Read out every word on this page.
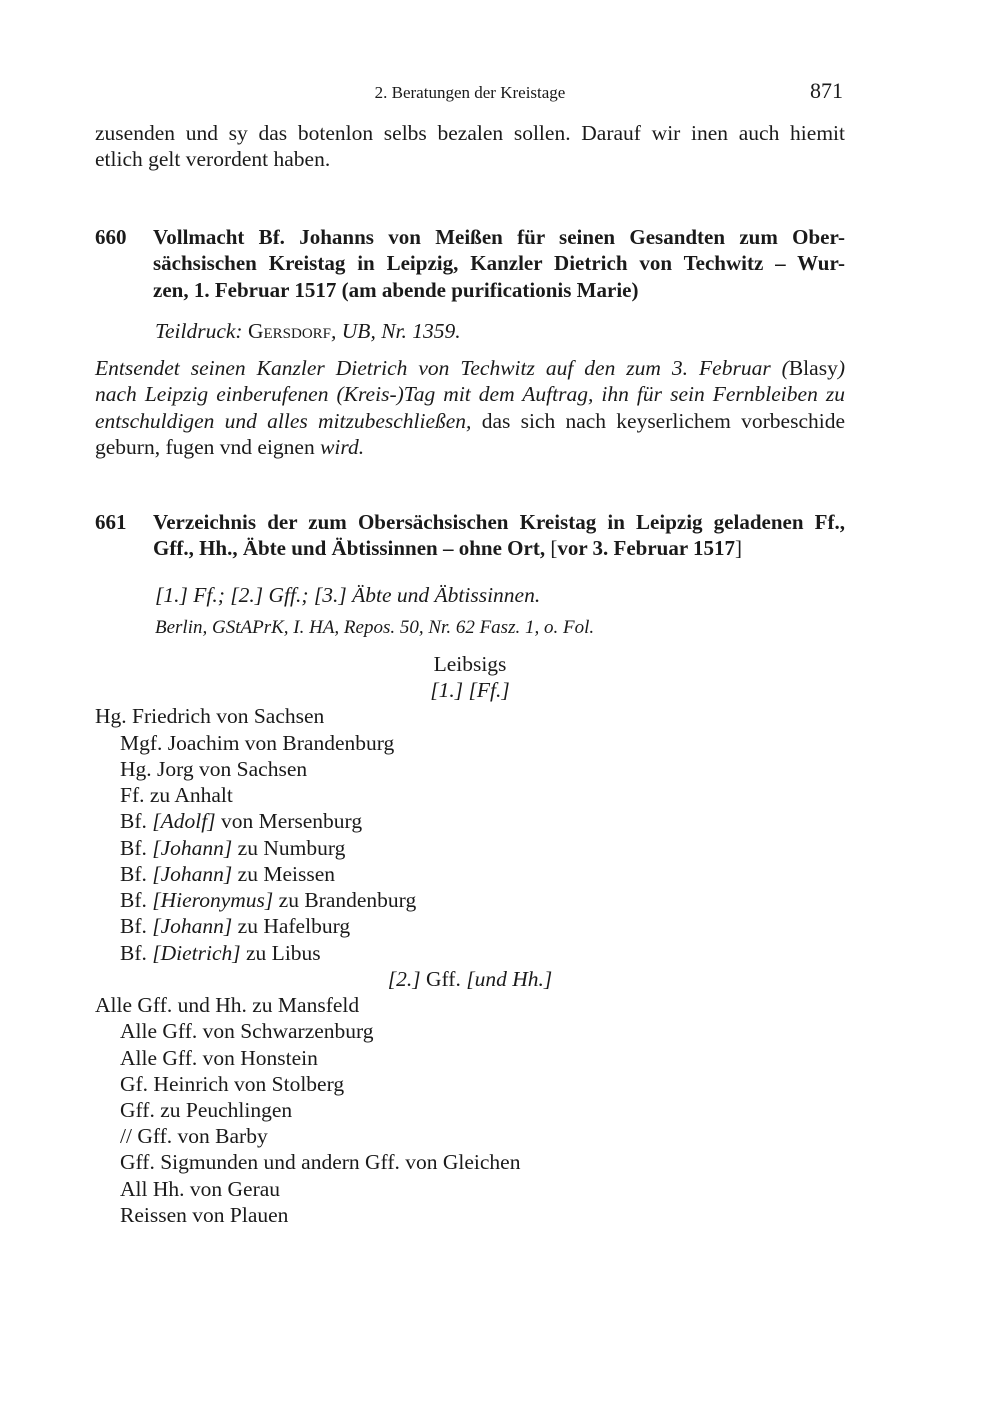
2. Beratungen der Kreistage	871
zusenden und sy das botenlon selbs bezalen sollen. Darauf wir inen auch hiemit
etlich gelt verordent haben.
660 Vollmacht Bf. Johanns von Meißen für seinen Gesandten zum Ober-
sächsischen Kreistag in Leipzig, Kanzler Dietrich von Techwitz – Wur-
zen, 1. Februar 1517 (am abende purificationis Marie)
Teildruck: Gersdorf, UB, Nr. 1359.
Entsendet seinen Kanzler Dietrich von Techwitz auf den zum 3. Februar (Blasy)
nach Leipzig einberufenen (Kreis-)Tag mit dem Auftrag, ihn für sein Fernbleiben zu
entschuldigen und alles mitzubeschließen, das sich nach keyserlichem vorbeschide
geburn, fugen vnd eignen wird.
661 Verzeichnis der zum Obersächsischen Kreistag in Leipzig geladenen Ff.,
Gff., Hh., Äbte und Äbtissinnen – ohne Ort, [vor 3. Februar 1517]
[1.] Ff.; [2.] Gff.; [3.] Äbte und Äbtissinnen.
Berlin, GStAPrK, I. HA, Repos. 50, Nr. 62 Fasz. 1, o. Fol.
Leibsigs
[1.] [Ff.]
Hg. Friedrich von Sachsen
Mgf. Joachim von Brandenburg
Hg. Jorg von Sachsen
Ff. zu Anhalt
Bf. [Adolf] von Mersenburg
Bf. [Johann] zu Numburg
Bf. [Johann] zu Meissen
Bf. [Hieronymus] zu Brandenburg
Bf. [Johann] zu Hafelburg
Bf. [Dietrich] zu Libus
[2.] Gff. [und Hh.]
Alle Gff. und Hh. zu Mansfeld
Alle Gff. von Schwarzenburg
Alle Gff. von Honstein
Gf. Heinrich von Stolberg
Gff. zu Peuchlingen
// Gff. von Barby
Gff. Sigmunden und andern Gff. von Gleichen
All Hh. von Gerau
Reissen von Plauen
